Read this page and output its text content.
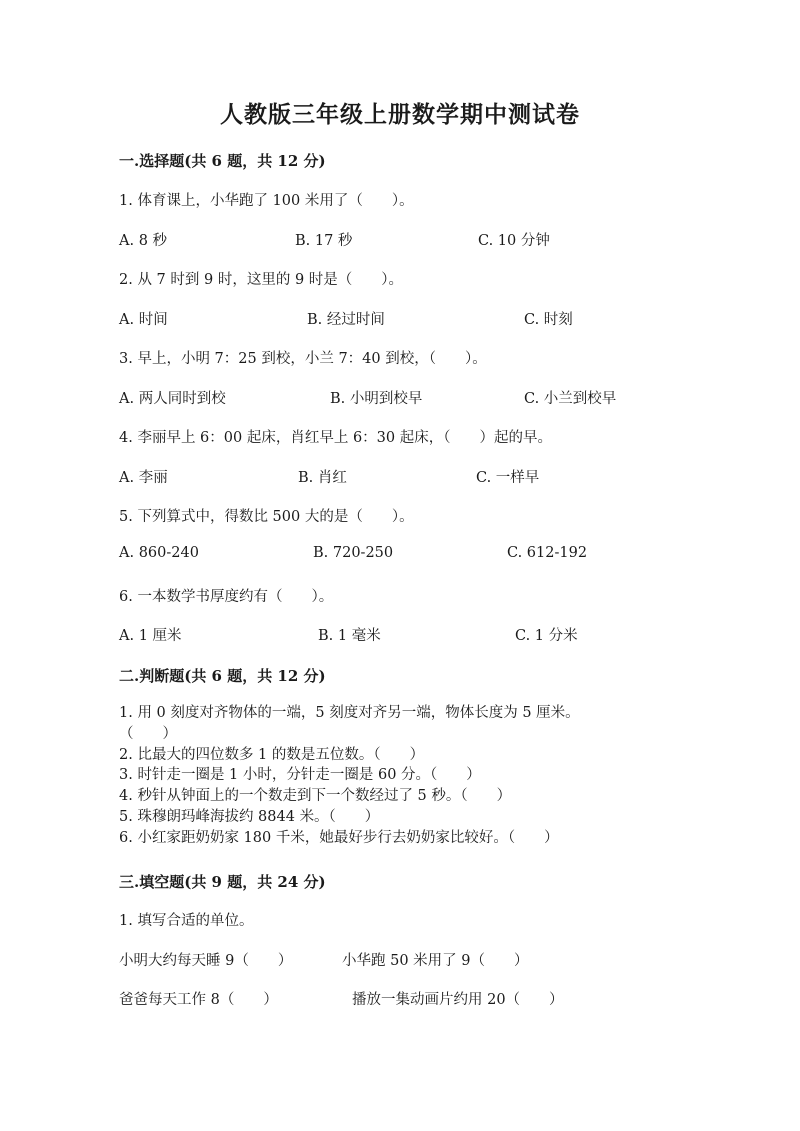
人教版三年级上册数学期中测试卷
一.选择题(共 6 题，共 12 分)
1. 体育课上，小华跑了 100 米用了（　　）。
A. 8 秒	B. 17 秒	C. 10 分钟
2. 从 7 时到 9 时，这里的 9 时是（　　）。
A. 时间	B. 经过时间	C. 时刻
3. 早上，小明 7：25 到校，小兰 7：40 到校，（　　）。
A. 两人同时到校	B. 小明到校早	C. 小兰到校早
4. 李丽早上 6：00 起床，肖红早上 6：30 起床，（　　）起的早。
A. 李丽	B. 肖红	C. 一样早
5. 下列算式中，得数比 500 大的是（　　）。
A. 860-240	B. 720-250	C. 612-192
6. 一本数学书厚度约有（　　）。
A. 1 厘米	B. 1 毫米	C. 1 分米
二.判断题(共 6 题，共 12 分)
1. 用 0 刻度对齐物体的一端，5 刻度对齐另一端，物体长度为 5 厘米。
（　　）
2. 比最大的四位数多 1 的数是五位数。（　　）
3. 时针走一圈是 1 小时，分针走一圈是 60 分。（　　）
4. 秒针从钟面上的一个数走到下一个数经过了 5 秒。（　　）
5. 珠穆朗玛峰海拔约 8844 米。（　　）
6. 小红家距奶奶家 180 千米，她最好步行去奶奶家比较好。（　　）
三.填空题(共 9 题，共 24 分)
1. 填写合适的单位。
小明大约每天睡 9（　　）	小华跑 50 米用了 9（　　）
爸爸每天工作 8（　　）	播放一集动画片约用 20（　　）
